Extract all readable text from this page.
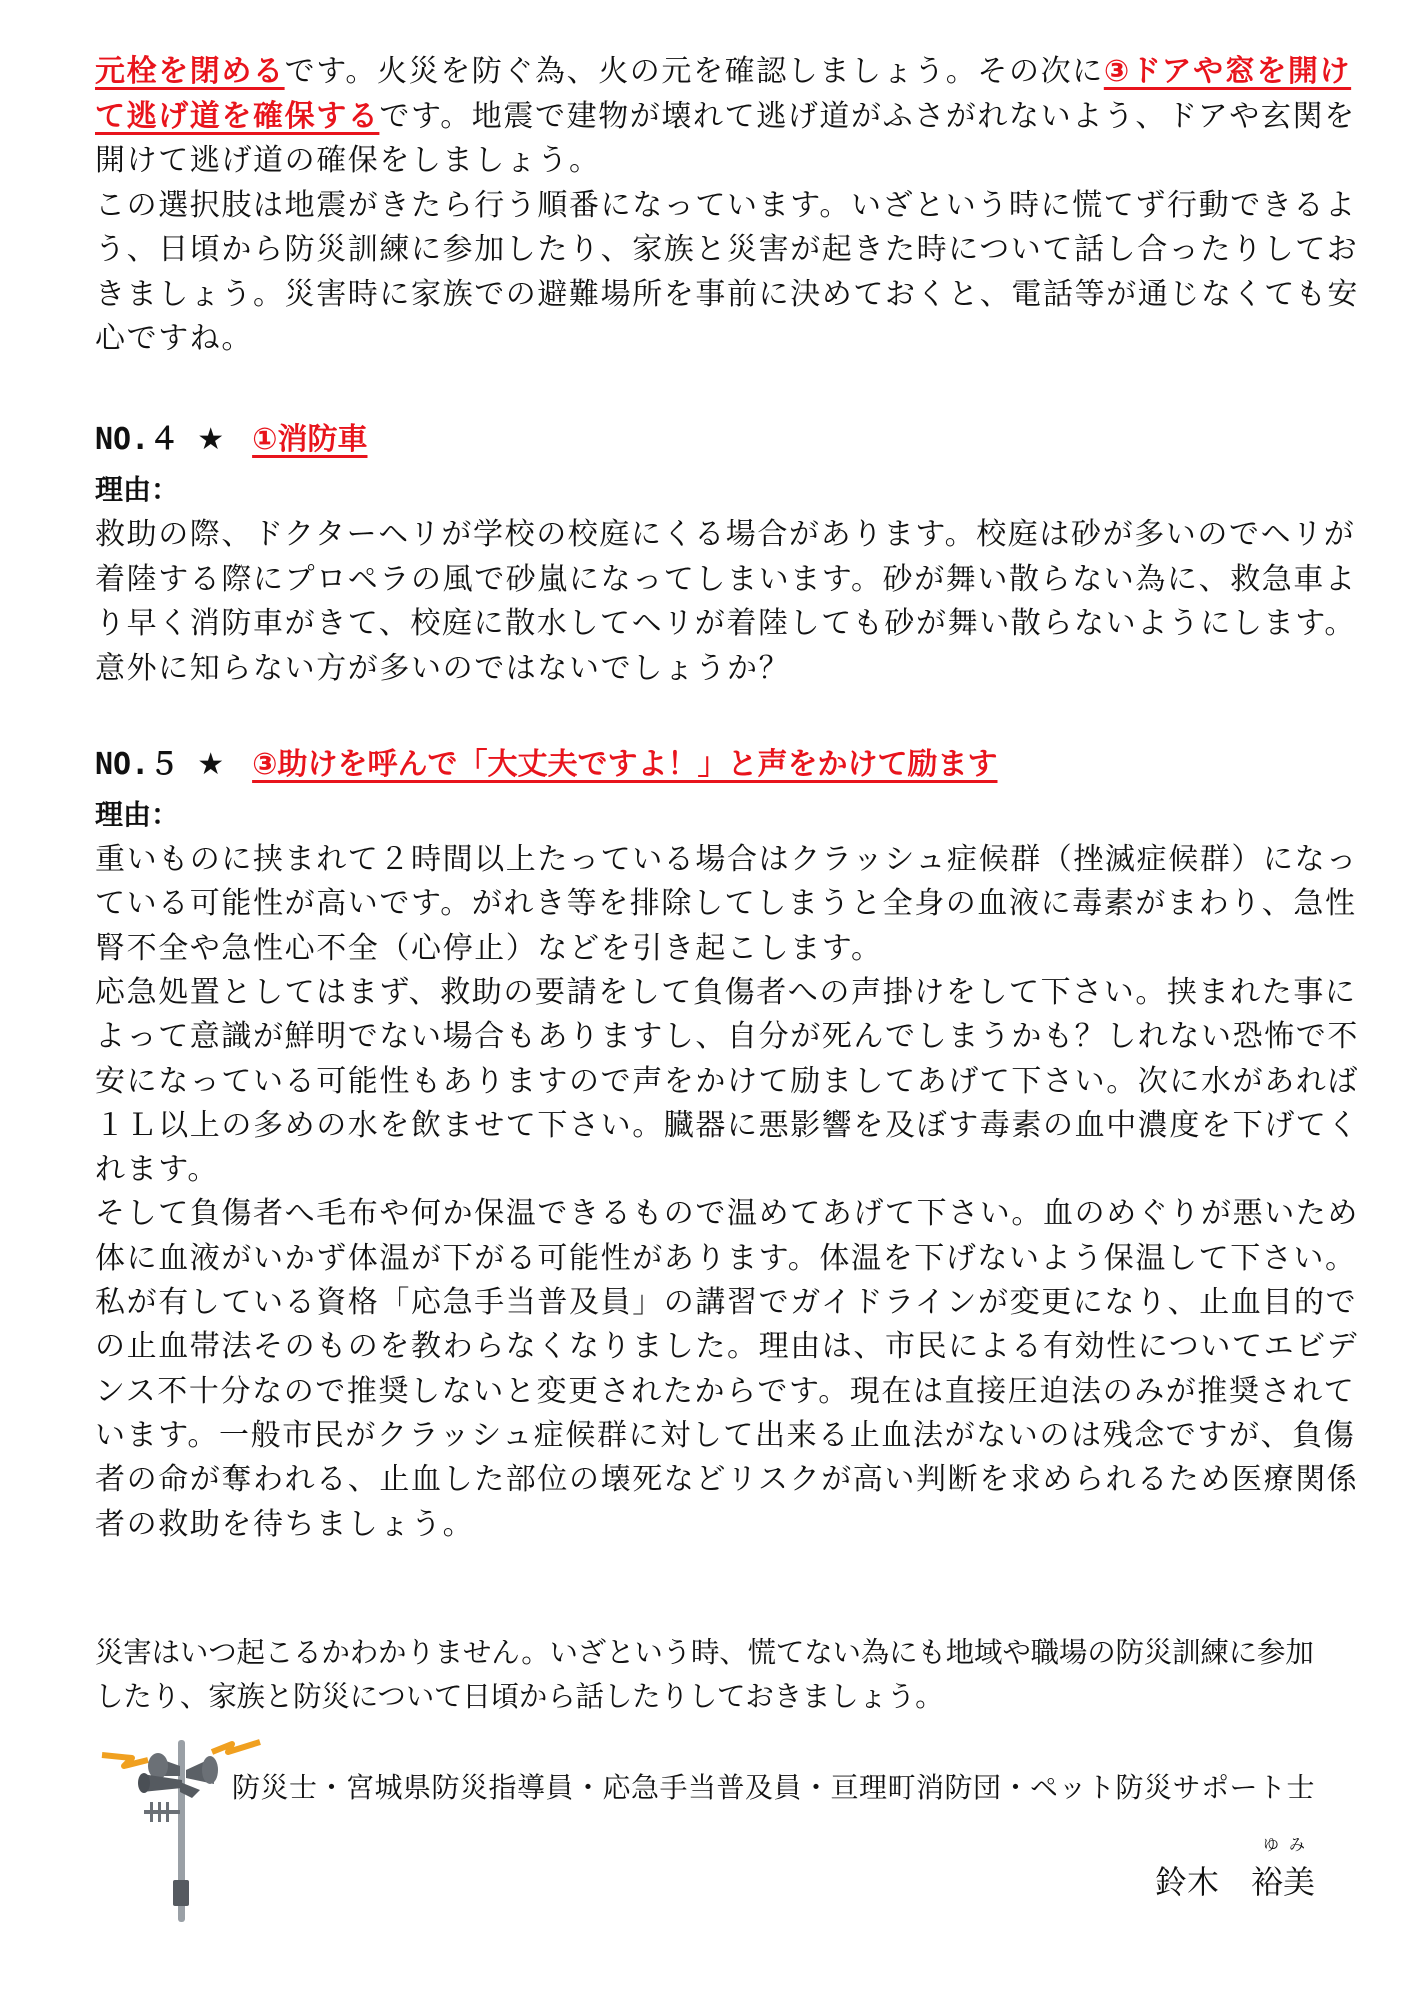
元栓を閉めるです。火災を防ぐ為、火の元を確認しましょう。その次に③ドアや窓を開け
て逃げ道を確保するです。地震で建物が壊れて逃げ道がふさがれないよう、ドアや玄関を
開けて逃げ道の確保をしましょう。
この選択肢は地震がきたら行う順番になっています。いざという時に慌てず行動できるよ
う、日頃から防災訓練に参加したり、家族と災害が起きた時について話し合ったりしてお
きましょう。災害時に家族での避難場所を事前に決めておくと、電話等が通じなくても安
心ですね。
NO.４ ★ ①消防車
理由：
救助の際、ドクターヘリが学校の校庭にくる場合があります。校庭は砂が多いのでヘリが
着陸する際にプロペラの風で砂嵐になってしまいます。砂が舞い散らない為に、救急車よ
り早く消防車がきて、校庭に散水してヘリが着陸しても砂が舞い散らないようにします。
意外に知らない方が多いのではないでしょうか？
NO.５ ★ ③助けを呼んで「大丈夫ですよ！」と声をかけて励ます
理由：
重いものに挟まれて２時間以上たっている場合はクラッシュ症候群（挫滅症候群）になっ
ている可能性が高いです。がれき等を排除してしまうと全身の血液に毒素がまわり、急性
腎不全や急性心不全（心停止）などを引き起こします。
応急処置としてはまず、救助の要請をして負傷者への声掛けをして下さい。挟まれた事に
よって意識が鮮明でない場合もありますし、自分が死んでしまうかも？しれない恐怖で不
安になっている可能性もありますので声をかけて励ましてあげて下さい。次に水があれば
１Ｌ以上の多めの水を飲ませて下さい。臓器に悪影響を及ぼす毒素の血中濃度を下げてく
れます。
そして負傷者へ毛布や何か保温できるもので温めてあげて下さい。血のめぐりが悪いため
体に血液がいかず体温が下がる可能性があります。体温を下げないよう保温して下さい。
私が有している資格「応急手当普及員」の講習でガイドラインが変更になり、止血目的で
の止血帯法そのものを教わらなくなりました。理由は、市民による有効性についてエビデ
ンス不十分なので推奨しないと変更されたからです。現在は直接圧迫法のみが推奨されて
います。一般市民がクラッシュ症候群に対して出来る止血法がないのは残念ですが、負傷
者の命が奪われる、止血した部位の壊死などリスクが高い判断を求められるため医療関係
者の救助を待ちましょう。
災害はいつ起こるかわかりません。いざという時、慌てない為にも地域や職場の防災訓練に参加
したり、家族と防災について日頃から話したりしておきましょう。
防災士・宮城県防災指導員・応急手当普及員・亘理町消防団・ペット防災サポート士
ゆみ
鈴木　裕美
